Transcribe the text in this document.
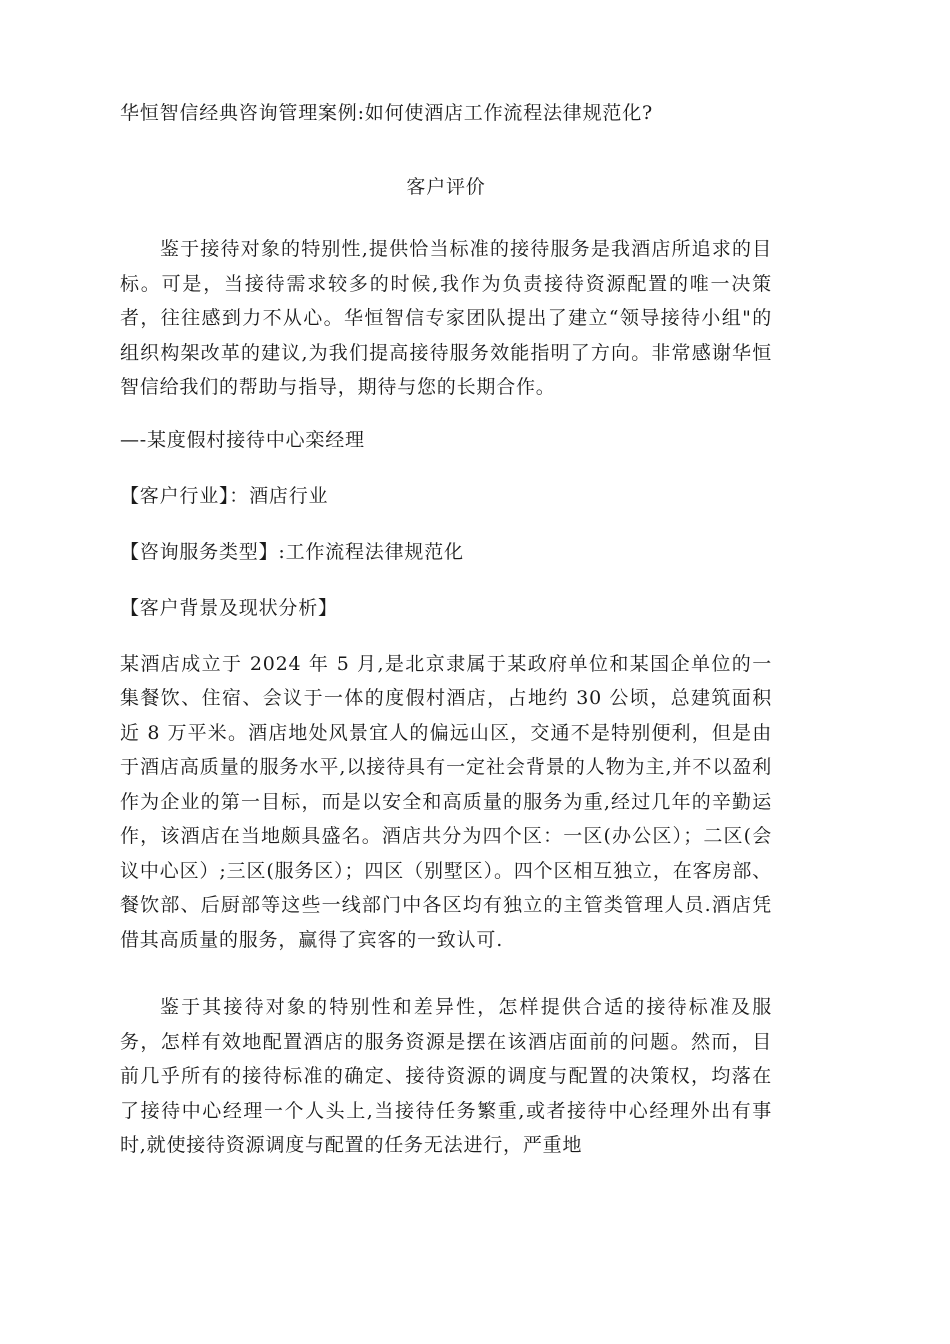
华恒智信经典咨询管理案例:如何使酒店工作流程法律规范化?
客户评价

鉴于接待对象的特别性,提供恰当标准的接待服务是我酒店所追求的目标。可是，当接待需求较多的时候,我作为负责接待资源配置的唯一决策者，往往感到力不从心。华恒智信专家团队提出了建立“领导接待小组"的组织构架改革的建议,为我们提高接待服务效能指明了方向。非常感谢华恒智信给我们的帮助与指导，期待与您的长期合作。

—-某度假村接待中心栾经理

【客户行业】：酒店行业

【咨询服务类型】:工作流程法律规范化

【客户背景及现状分析】

某酒店成立于 2024 年 5 月,是北京隶属于某政府单位和某国企单位的一集餐饮、住宿、会议于一体的度假村酒店，占地约 30 公顷，总建筑面积近 8 万平米。酒店地处风景宜人的偏远山区，交通不是特别便利，但是由于酒店高质量的服务水平,以接待具有一定社会背景的人物为主,并不以盈利作为企业的第一目标，而是以安全和高质量的服务为重,经过几年的辛勤运作，该酒店在当地颇具盛名。酒店共分为四个区：一区(办公区）；二区(会议中心区）;三区(服务区）；四区（别墅区）。四个区相互独立，在客房部、餐饮部、后厨部等这些一线部门中各区均有独立的主管类管理人员.酒店凭借其高质量的服务，赢得了宾客的一致认可.

鉴于其接待对象的特别性和差异性，怎样提供合适的接待标准及服务，怎样有效地配置酒店的服务资源是摆在该酒店面前的问题。然而，目前几乎所有的接待标准的确定、接待资源的调度与配置的决策权，均落在了接待中心经理一个人头上,当接待任务繁重,或者接待中心经理外出有事时,就使接待资源调度与配置的任务无法进行，严重地
